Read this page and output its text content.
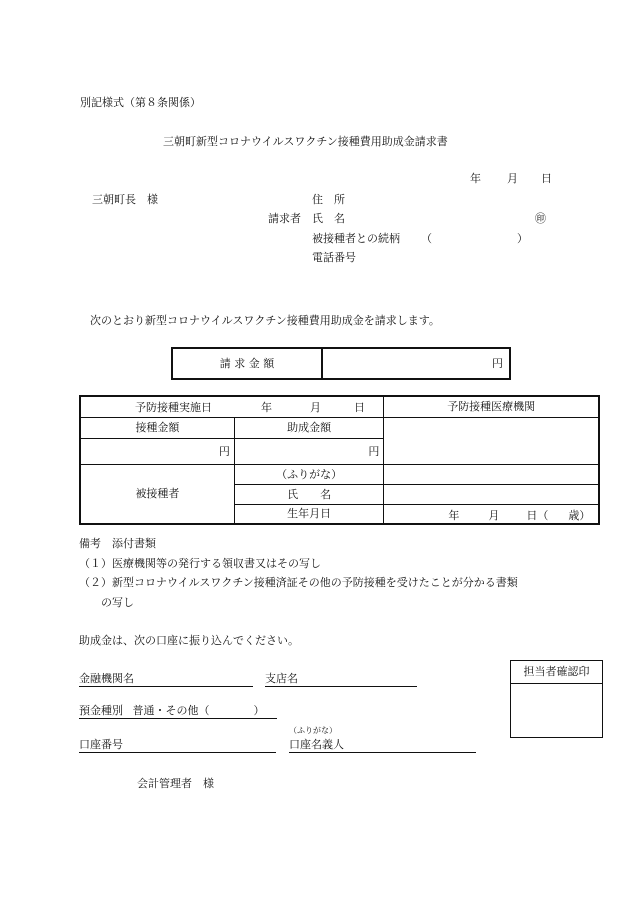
別記様式（第８条関係）
三朝町新型コロナウイルスワクチン接種費用助成金請求書
年 月 日
三朝町長　様	住　所
請求者 氏　名	㊞
被接種者との続柄 （	）
電話番号
次のとおり新型コロナウイルスワクチン接種費用助成金を請求します。
請 求 金 額	円
予防接種実施日 年 月 日		予防接種医療機関
接種金額	助成金額	
円	円	
被接種者	（ふりがな）	
	氏　　名	
	生年月日	年 月 日（ 歳）
備考　添付書類
（１）医療機関等の発行する領収書又はその写し
（２）新型コロナウイルスワクチン接種済証その他の予防接種を受けたことが分かる書類
の写し
助成金は、次の口座に振り込んでください。
金融機関名	支店名
預金種別 普通・その他（　　　　）
（ふりがな）
口座番号	口座名義人
担当者確認印
会計管理者　様
